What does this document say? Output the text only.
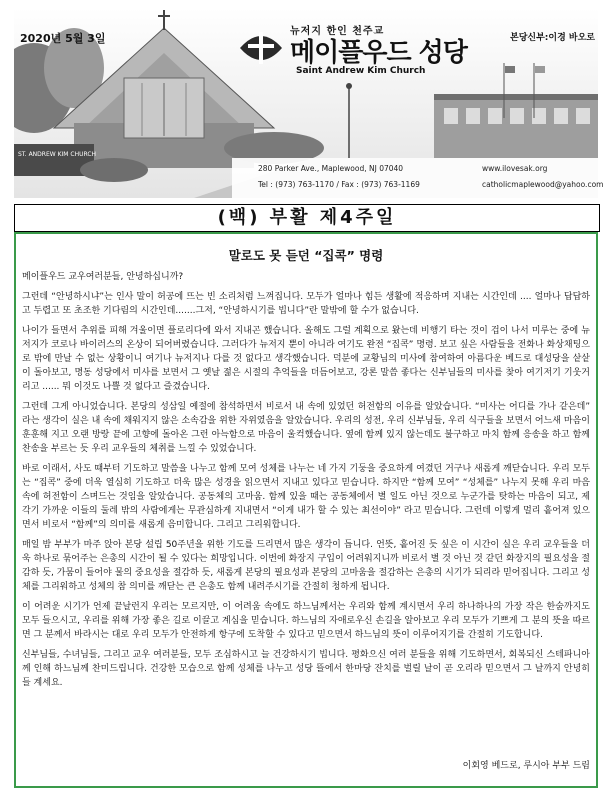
ST. ANDREW KIM CHURCH
2020년 5월 3일
뉴저지 한인 천주교
메이플우드 성당
Saint Andrew Kim Church
본당신부:이경 바오로
280 Parker Ave., Maplewood, NJ 07040	www.ilovesak.org
Tel : (973) 763-1170 / Fax : (973) 763-1169	catholicmaplewood@yahoo.com
(백) 부활 제4주일
말로도 못 듣던 “집콕” 명령

메이플우드 교우여러분들, 안녕하십니까?

그런데 “안녕하시냐”는 인사 말이 허공에 뜨는 빈 소리처럼 느껴집니다. 모두가 얼마나 힘든 생활에 적응하며 지내는 시간인데 .... 얼마나 답답하고 두렵고 또 초조한 기다림의 시간인데.......그저, “안녕하시기를 빕니다”란 말밖에 할 수가 없습니다.

나이가 들면서 추위를 피해 겨울이면 플로리다에 와서 지내곤 했습니다. 올해도 그럴 계획으로 왔는데 비행기 타는 것이 겁이 나서 미루는 중에 뉴저지가 코로나 바이러스의 온상이 되어버렸습니다. 그러다가 뉴저지 뿐이 아니라 여기도 완전 “집콕” 명령. 보고 싶은 사람들을 전화나 화상채팅으로 밖에 만날 수 없는 상황이니 여기나 뉴저지나 다를 것 없다고 생각했습니다. 덕분에 교황님의 미사에 참여하여 아름다운 베드로 대성당을 샅샅이 돌아보고, 명동 성당에서 미사를 보면서 그 옛날 젊은 시절의 추억들을 더듬어보고, 강론 말씀 좋다는 신부님들의 미사를 찾아 여기저기 기웃거리고 ...... 뭐 이것도 나쁠 것 없다고 즐겼습니다.

그런데 그게 아니었습니다. 본당의 성삼일 예절에 참석하면서 비로서 내 속에 있었던 허전함의 이유를 알았습니다. “미사는 어디를 가나 같은데” 라는 생각이 실은 내 속에 채워지지 않은 소속감을 위한 자위였음을 알았습니다. 우리의 성전, 우리 신부님들, 우리 식구들을 보면서 어느새 마음이 훈훈해 지고 오랜 방랑 끝에 고향에 돌아온 그런 아늑함으로 마음이 울컥했습니다. 옆에 함께 있지 않는데도 불구하고 마치 함께 응송을 하고 함께 찬송을 부르는 듯 우리 교우들의 체취를 느낄 수 있었습니다.

바로 이래서, 사도 때부터 기도하고 말씀을 나누고 함께 모여 성체를 나누는 네 가지 기둥을 중요하게 여겼던 거구나 새롭게 깨닫습니다. 우리 모두는 “집콕” 중에 더욱 열심히 기도하고 더욱 많은 성경을 읽으면서 지내고 있다고 믿습니다. 하지만 “함께 모여” “성체를” 나누지 못해 우리 마음 속에 허전함이 스며드는 것임을 알았습니다. 공동체의 고마움. 함께 있을 때는 공동체에서 별 일도 아닌 것으로 누군가를 탓하는 마음이 되고, 제 각기 가까운 이들의 둘레 밖의 사람에게는 무관심하게 지내면서 “이게 내가 할 수 있는 최선이야” 라고 믿습니다. 그런데 이렇게 멀리 흩어져 있으면서 비로서 “함께”의 의미를 새롭게 음미합니다. 그리고 그리워합니다.

매일 밤 부부가 마주 앉아 본당 설립 50주년을 위한 기도를 드리면서 많은 생각이 듭니다. 언뜻, 흩어진 듯 싶은 이 시간이 실은 우리 교우들을 더욱 하나로 묶어주는 은총의 시간이 될 수 있다는 희망입니다. 이번에 화장지 구입이 어려워지니까 비로서 별 것 아닌 것 같던 화장지의 필요성을 절감하 듯, 가뭄이 들어야 물의 중요성을 절감하 듯, 새롭게 본당의 필요성과 본당의 고마움을 절감하는 은총의 시기가 되리라 믿어집니다. 그리고 성체를 그리워하고 성체의 참 의미를 깨닫는 큰 은총도 함께 내려주시기를 간절히 청하게 됩니다.

이 어려운 시기가 언제 끝날런지 우리는 모르지만, 이 어려움 속에도 하느님께서는 우리와 함께 계시면서 우리 하나하나의 가장 작은 한숨까지도 모두 들으시고, 우리를 위해 가장 좋은 길로 이끌고 계심을 믿습니다. 하느님의 자애로우신 손길을 알아보고 우리 모두가 기쁘게 그 분의 뜻을 따르면 그 분께서 바라시는 대로 우리 모두가 안전하게 항구에 도착할 수 있다고 믿으면서 하느님의 뜻이 이루어지기를 간절히 기도합니다.

신부님들, 수녀님들, 그리고 교우 여러분들, 모두 조심하시고 늘 건강하시기 빕니다. 평화으신 여러 분들을 위해 기도하면서, 회복되신 스테파니아께 인해 하느님께 찬미드립니다. 건강한 모습으로 함께 성체를 나누고 성당 뜰에서 한마당 잔치를 벌릴 날이 곧 오리라 믿으면서 그 날까지 안녕히들 계세요.

이회영 베드로, 루시아 부부 드림
